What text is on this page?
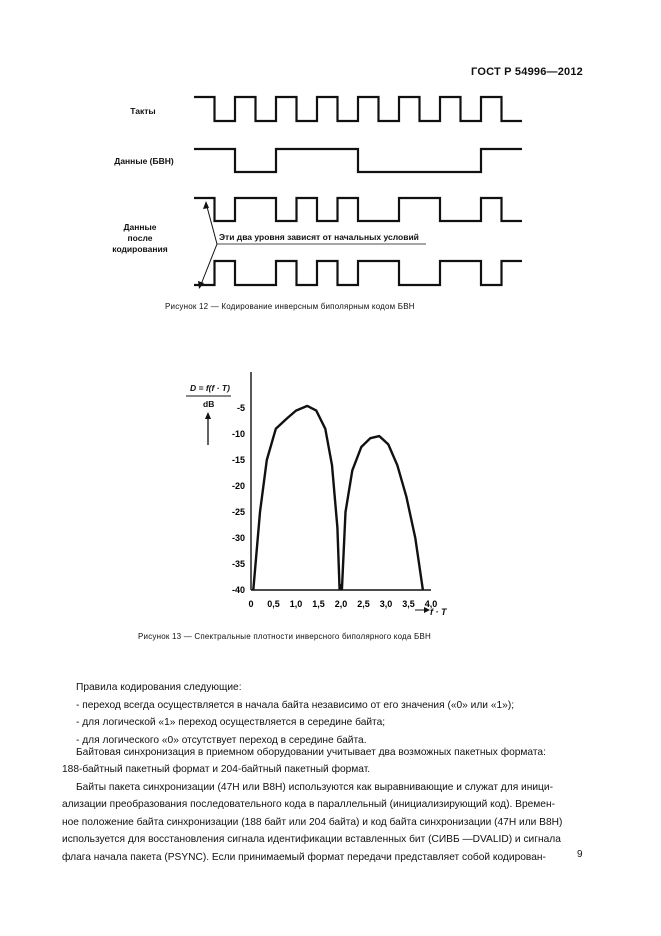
ГОСТ Р 54996—2012
Такты
Данные (БВН)
Данные
после
кодирования
Эти два уровня зависят от начальных условий
Рисунок 12 — Кодирование инверсным биполярным кодом БВН
D = f(f · T)
dB
f · T
-5
-10
-15
-20
-25
-30
-35
-40
0 0,5 1,0 1,5 2,0 2,5 3,0 3,5 4,0
Рисунок 13 — Спектральные плотности инверсного биполярного кода БВН

Правила кодирования следующие:

- переход всегда осуществляется в начала байта независимо от его значения («0» или «1»);

- для логической «1» переход осуществляется в середине байта;

- для логического «0» отсутствует переход в середине байта.

Байтовая синхронизация в приемном оборудовании учитывает два возможных пакетных формата:

188-байтный пакетный формат и 204-байтный пакетный формат.

Байты пакета синхронизации (47H или B8H) используются как выравнивающие и служат для иници-

ализации преобразования последовательного кода в параллельный (инициализирующий код). Времен-

ное положение байта синхронизации (188 байт или 204 байта) и код байта синхронизации (47H или B8H)

используется для восстановления сигнала идентификации вставленных бит (СИВБ —DVALID) и сигнала

флага начала пакета (PSYNC). Если принимаемый формат передачи представляет собой кодирован-	9
